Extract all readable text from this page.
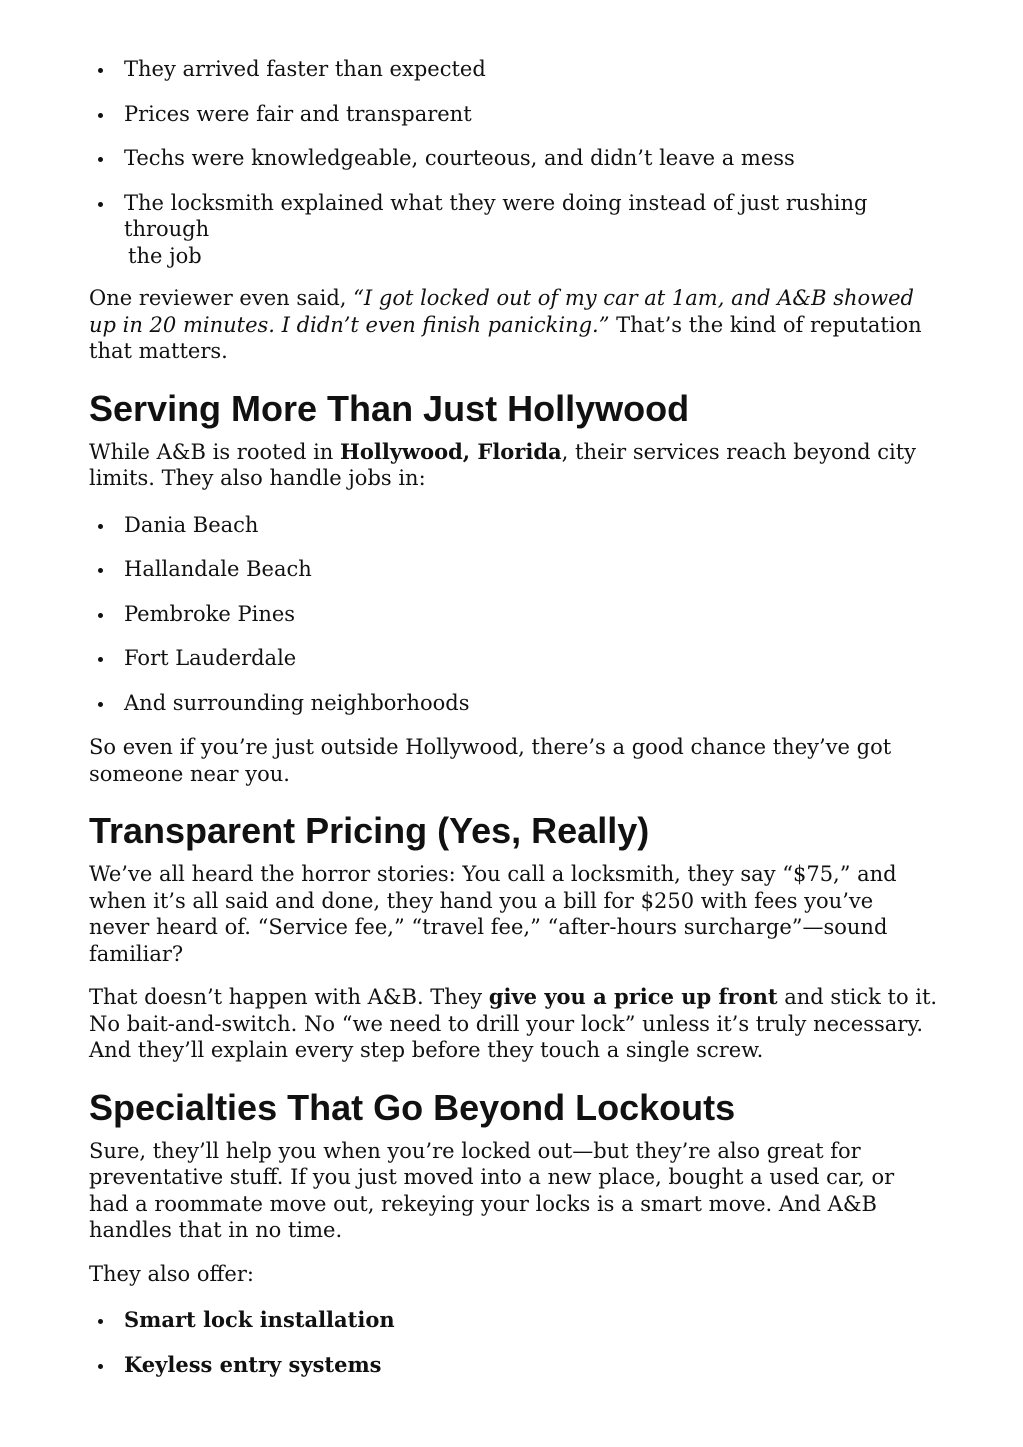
They arrived faster than expected
Prices were fair and transparent
Techs were knowledgeable, courteous, and didn’t leave a mess
The locksmith explained what they were doing instead of just rushing through
the job

One reviewer even said, “I got locked out of my car at 1am, and A&B showed up in 20 minutes. I didn’t even finish panicking.” That’s the kind of reputation that matters.

Serving More Than Just Hollywood

While A&B is rooted in Hollywood, Florida, their services reach beyond city limits. They also handle jobs in:

Dania Beach
Hallandale Beach
Pembroke Pines
Fort Lauderdale
And surrounding neighborhoods

So even if you’re just outside Hollywood, there’s a good chance they’ve got someone near you.

Transparent Pricing (Yes, Really)

We’ve all heard the horror stories: You call a locksmith, they say “$75,” and when it’s all said and done, they hand you a bill for $250 with fees you’ve never heard of. “Service fee,” “travel fee,” “after-hours surcharge”—sound familiar?

That doesn’t happen with A&B. They give you a price up front and stick to it. No bait-and-switch. No “we need to drill your lock” unless it’s truly necessary. And they’ll explain every step before they touch a single screw.

Specialties That Go Beyond Lockouts

Sure, they’ll help you when you’re locked out—but they’re also great for preventative stuff. If you just moved into a new place, bought a used car, or had a roommate move out, rekeying your locks is a smart move. And A&B handles that in no time.

They also offer:

Smart lock installation
Keyless entry systems
